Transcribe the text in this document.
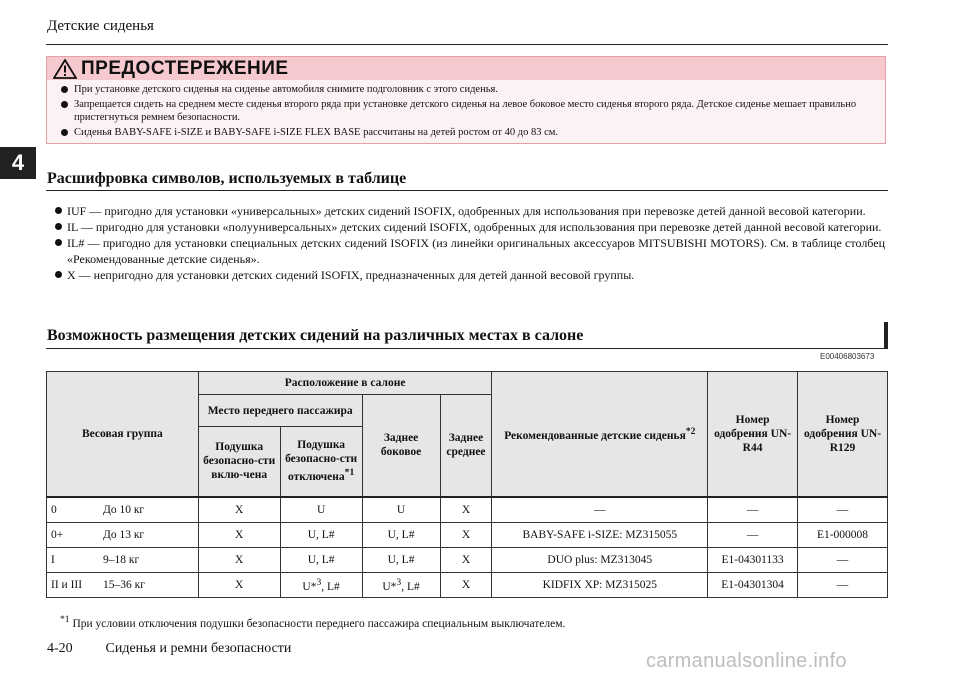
Детские сиденья
4
ПРЕДОСТЕРЕЖЕНИЕ
При установке детского сиденья на сиденье автомобиля снимите подголовник с этого сиденья.
Запрещается сидеть на среднем месте сиденья второго ряда при установке детского сиденья на левое боковое место сиденья второго ряда. Детское сиденье мешает правильно пристегнуться ремнем безопасности.
Сиденья BABY-SAFE i-SIZE и BABY-SAFE i-SIZE FLEX BASE рассчитаны на детей ростом от 40 до 83 см.
Расшифровка символов, используемых в таблице
IUF — пригодно для установки «универсальных» детских сидений ISOFIX, одобренных для использования при перевозке детей данной весовой категории.
IL — пригодно для установки «полууниверсальных» детских сидений ISOFIX, одобренных для использования при перевозке детей данной весовой категории.
IL# — пригодно для установки специальных детских сидений ISOFIX (из линейки оригинальных аксессуаров MITSUBISHI MOTORS). См. в таблице столбец «Рекомендованные детские сиденья».
X — непригодно для установки детских сидений ISOFIX, предназначенных для детей данной весовой группы.
Возможность размещения детских сидений на различных местах в салоне
E00406803673
Весовая группа	Расположение в салоне				Рекомендованные детские сиденья$^{*2}$	Номер одобрения UN-R44	Номер одобрения UN-R129
	Место переднего пассажира		Заднее боковое	Заднее среднее			
	Подушка безопасно-сти вклю-чена	Подушка безопасно-сти отключена$^{*1}$
0 До 10 кг	X	U	U	X	—	—	—
0+ До 13 кг	X	U, L#	U, L#	X	BABY-SAFE i-SIZE: MZ315055	—	E1-000008
I 9–18 кг	X	U, L#	U, L#	X	DUO plus: MZ313045	E1-04301133	—
II и III 15–36 кг	X	U*$^3$, L#	U*$^3$, L#	X	KIDFIX XP: MZ315025	E1-04301304	—
$^{*1}$ При условии отключения подушки безопасности переднего пассажира специальным выключателем.
4-20 Сиденья и ремни безопасности
carmanualsonline.info
